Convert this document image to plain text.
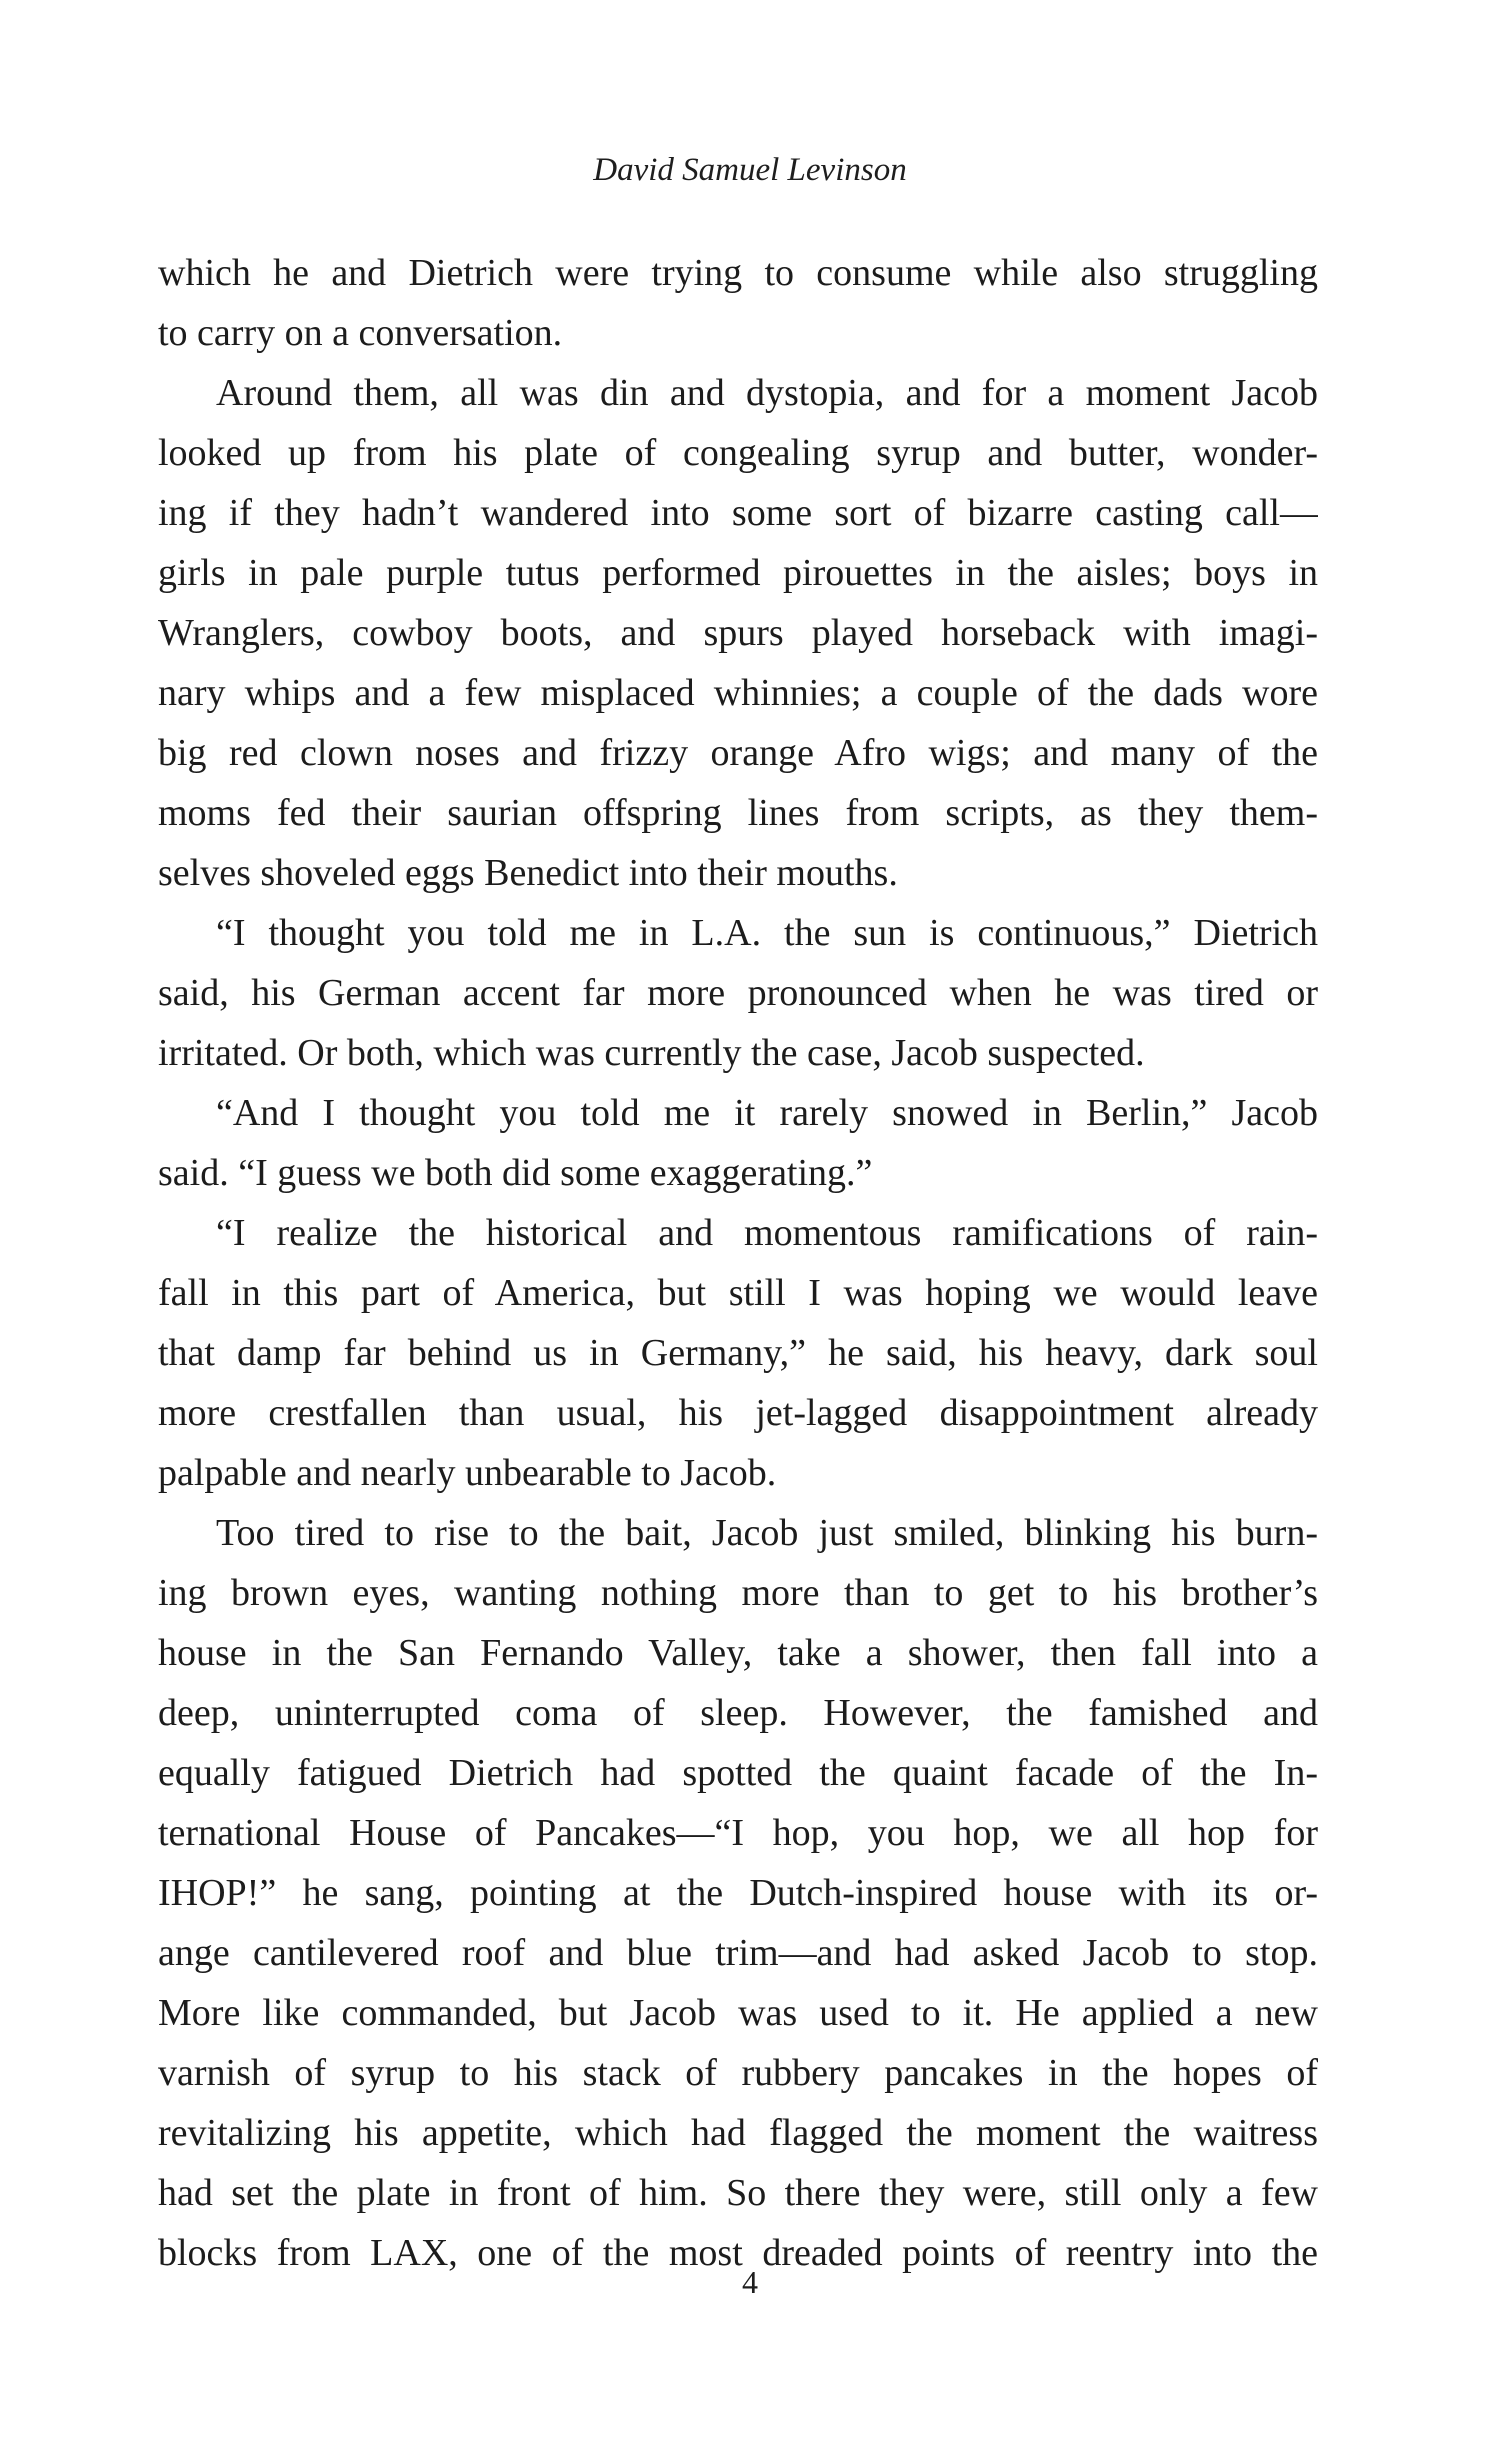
David Samuel Levinson
which he and Dietrich were trying to consume while also struggling
to carry on a conversation.
Around them, all was din and dystopia, and for a moment Jacob
looked up from his plate of congealing syrup and butter, wonder-
ing if they hadn’t wandered into some sort of bizarre casting call—
girls in pale purple tutus performed pirouettes in the aisles; boys in
Wranglers, cowboy boots, and spurs played horseback with imagi-
nary whips and a few misplaced whinnies; a couple of the dads wore
big red clown noses and frizzy orange Afro wigs; and many of the
moms fed their saurian offspring lines from scripts, as they them-
selves shoveled eggs Benedict into their mouths.
“I thought you told me in L.A. the sun is continuous,” Dietrich
said, his German accent far more pronounced when he was tired or
irritated. Or both, which was currently the case, Jacob suspected.
“And I thought you told me it rarely snowed in Berlin,” Jacob
said. “I guess we both did some exaggerating.”
“I realize the historical and momentous ramifications of rain-
fall in this part of America, but still I was hoping we would leave
that damp far behind us in Germany,” he said, his heavy, dark soul
more crestfallen than usual, his jet-lagged disappointment already
palpable and nearly unbearable to Jacob.
Too tired to rise to the bait, Jacob just smiled, blinking his burn-
ing brown eyes, wanting nothing more than to get to his brother’s
house in the San Fernando Valley, take a shower, then fall into a
deep, uninterrupted coma of sleep. However, the famished and
equally fatigued Dietrich had spotted the quaint facade of the In-
ternational House of Pancakes—“I hop, you hop, we all hop for
IHOP!” he sang, pointing at the Dutch-inspired house with its or-
ange cantilevered roof and blue trim—and had asked Jacob to stop.
More like commanded, but Jacob was used to it. He applied a new
varnish of syrup to his stack of rubbery pancakes in the hopes of
revitalizing his appetite, which had flagged the moment the waitress
had set the plate in front of him. So there they were, still only a few
blocks from LAX, one of the most dreaded points of reentry into the
4
